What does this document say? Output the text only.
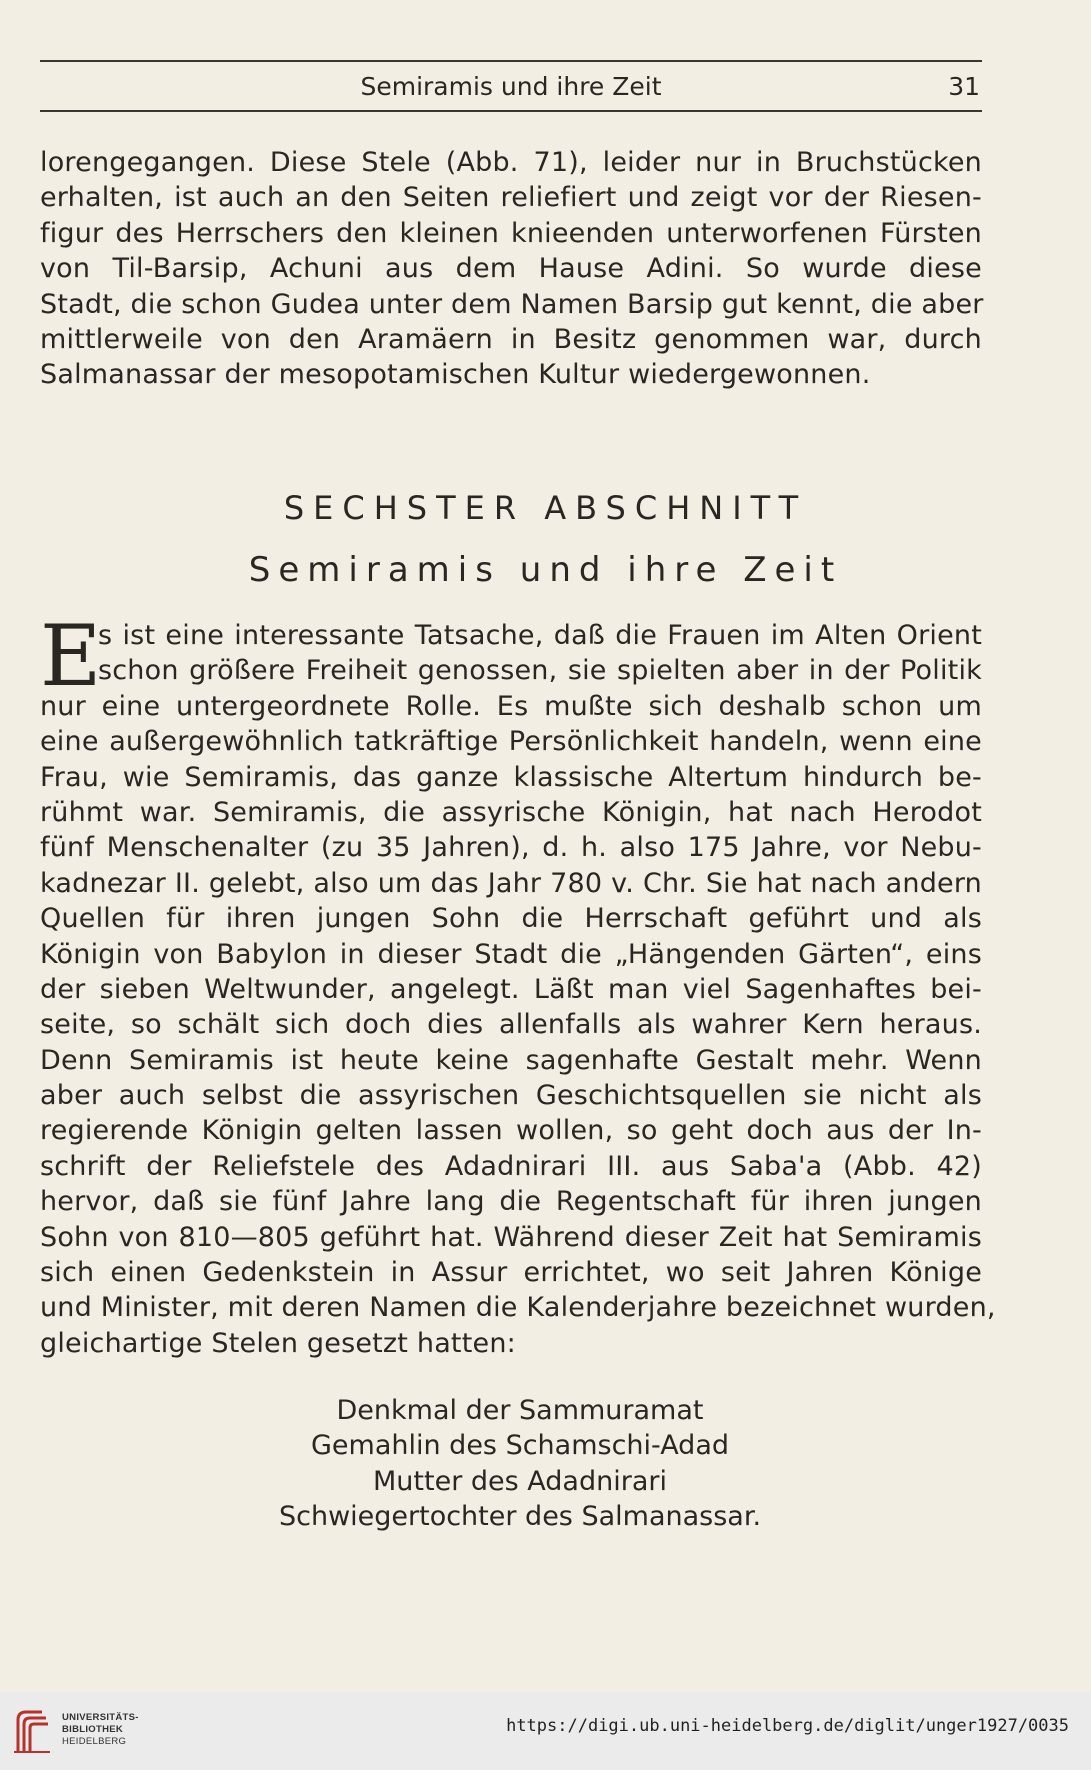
Semiramis und ihre Zeit	31
lorengegangen. Diese Stele (Abb. 71), leider nur in Bruchstücken
erhalten, ist auch an den Seiten reliefiert und zeigt vor der Riesen-
figur des Herrschers den kleinen knieenden unterworfenen Fürsten
von Til-Barsip, Achuni aus dem Hause Adini. So wurde diese
Stadt, die schon Gudea unter dem Namen Barsip gut kennt, die aber
mittlerweile von den Aramäern in Besitz genommen war, durch
Salmanassar der mesopotamischen Kultur wiedergewonnen.
SECHSTER ABSCHNITT
Semiramis und ihre Zeit
E
s ist eine interessante Tatsache, daß die Frauen im Alten Orient
schon größere Freiheit genossen, sie spielten aber in der Politik
nur eine untergeordnete Rolle. Es mußte sich deshalb schon um
eine außergewöhnlich tatkräftige Persönlichkeit handeln, wenn eine
Frau, wie Semiramis, das ganze klassische Altertum hindurch be-
rühmt war. Semiramis, die assyrische Königin, hat nach Herodot
fünf Menschenalter (zu 35 Jahren), d. h. also 175 Jahre, vor Nebu-
kadnezar II. gelebt, also um das Jahr 780 v. Chr. Sie hat nach andern
Quellen für ihren jungen Sohn die Herrschaft geführt und als
Königin von Babylon in dieser Stadt die „Hängenden Gärten“, eins
der sieben Weltwunder, angelegt. Läßt man viel Sagenhaftes bei-
seite, so schält sich doch dies allenfalls als wahrer Kern heraus.
Denn Semiramis ist heute keine sagenhafte Gestalt mehr. Wenn
aber auch selbst die assyrischen Geschichtsquellen sie nicht als
regierende Königin gelten lassen wollen, so geht doch aus der In-
schrift der Reliefstele des Adadnirari III. aus Saba'a (Abb. 42)
hervor, daß sie fünf Jahre lang die Regentschaft für ihren jungen
Sohn von 810—805 geführt hat. Während dieser Zeit hat Semiramis
sich einen Gedenkstein in Assur errichtet, wo seit Jahren Könige
und Minister, mit deren Namen die Kalenderjahre bezeichnet wurden,
gleichartige Stelen gesetzt hatten:
Denkmal der Sammuramat
Gemahlin des Schamschi-Adad
Mutter des Adadnirari
Schwiegertochter des Salmanassar.
UNIVERSITÄTS-
BIBLIOTHEK
HEIDELBERG
https://digi.ub.uni-heidelberg.de/diglit/unger1927/0035
